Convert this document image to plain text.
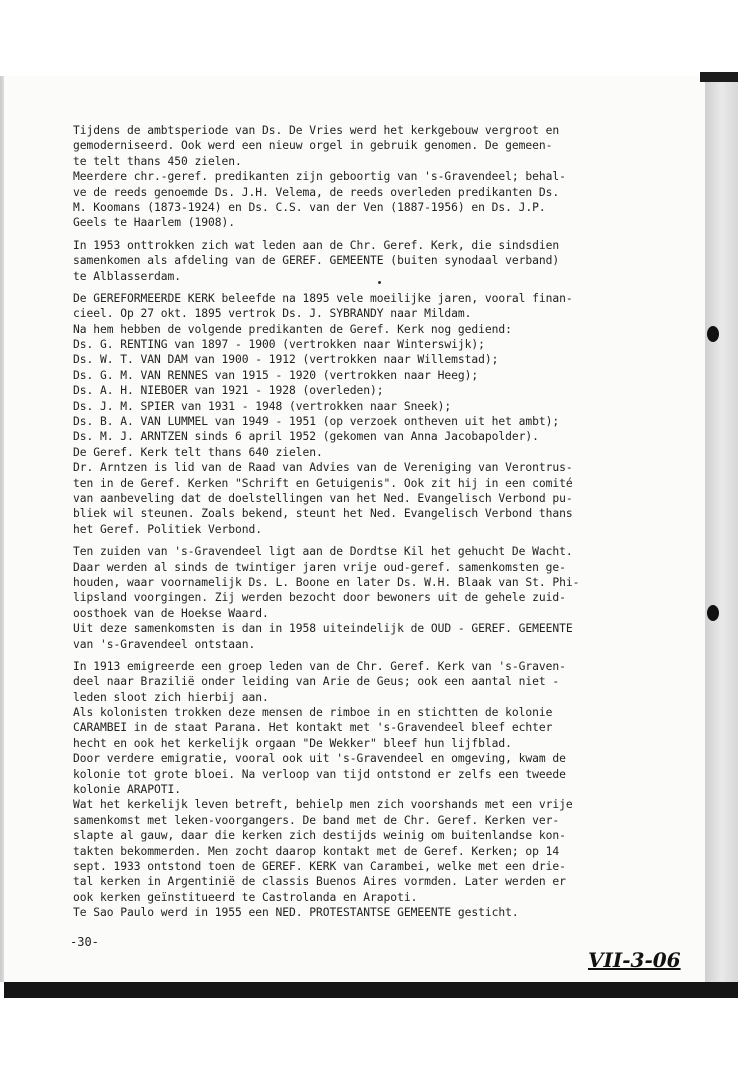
Tijdens de ambtsperiode van Ds. De Vries werd het kerkgebouw vergroot en
gemoderniseerd. Ook werd een nieuw orgel in gebruik genomen. De gemeen-
te telt thans 450 zielen.
Meerdere chr.-geref. predikanten zijn geboortig van 's-Gravendeel; behal-
ve de reeds genoemde Ds. J.H. Velema, de reeds overleden predikanten Ds.
M. Koomans (1873-1924) en Ds. C.S. van der Ven (1887-1956) en Ds. J.P.
Geels te Haarlem (1908).
In 1953 onttrokken zich wat leden aan de Chr. Geref. Kerk, die sindsdien
samenkomen als afdeling van de GEREF. GEMEENTE (buiten synodaal verband)
te Alblasserdam.
De GEREFORMEERDE KERK beleefde na 1895 vele moeilijke jaren, vooral finan-
cieel. Op 27 okt. 1895 vertrok Ds. J. SYBRANDY naar Mildam.
Na hem hebben de volgende predikanten de Geref. Kerk nog gediend:
Ds. G. RENTING van 1897 - 1900 (vertrokken naar Winterswijk);
Ds. W. T. VAN DAM van 1900 - 1912 (vertrokken naar Willemstad);
Ds. G. M. VAN RENNES van 1915 - 1920 (vertrokken naar Heeg);
Ds. A. H. NIEBOER van 1921 - 1928 (overleden);
Ds. J. M. SPIER van 1931 - 1948 (vertrokken naar Sneek);
Ds. B. A. VAN LUMMEL van 1949 - 1951 (op verzoek ontheven uit het ambt);
Ds. M. J. ARNTZEN sinds 6 april 1952 (gekomen van Anna Jacobapolder).
De Geref. Kerk telt thans 640 zielen.
Dr. Arntzen is lid van de Raad van Advies van de Vereniging van Verontrus-
ten in de Geref. Kerken "Schrift en Getuigenis". Ook zit hij in een comité
van aanbeveling dat de doelstellingen van het Ned. Evangelisch Verbond pu-
bliek wil steunen. Zoals bekend, steunt het Ned. Evangelisch Verbond thans
het Geref. Politiek Verbond.
Ten zuiden van 's-Gravendeel ligt aan de Dordtse Kil het gehucht De Wacht.
Daar werden al sinds de twintiger jaren vrije oud-geref. samenkomsten ge-
houden, waar voornamelijk Ds. L. Boone en later Ds. W.H. Blaak van St. Phi-
lipsland voorgingen. Zij werden bezocht door bewoners uit de gehele zuid-
oosthoek van de Hoekse Waard.
Uit deze samenkomsten is dan in 1958 uiteindelijk de OUD - GEREF. GEMEENTE
van 's-Gravendeel ontstaan.
In 1913 emigreerde een groep leden van de Chr. Geref. Kerk van 's-Graven-
deel naar Brazilië onder leiding van Arie de Geus; ook een aantal niet -
leden sloot zich hierbij aan.
Als kolonisten trokken deze mensen de rimboe in en stichtten de kolonie
CARAMBEI in de staat Parana. Het kontakt met 's-Gravendeel bleef echter
hecht en ook het kerkelijk orgaan "De Wekker" bleef hun lijfblad.
Door verdere emigratie, vooral ook uit 's-Gravendeel en omgeving, kwam de
kolonie tot grote bloei. Na verloop van tijd ontstond er zelfs een tweede
kolonie ARAPOTI.
Wat het kerkelijk leven betreft, behielp men zich voorshands met een vrije
samenkomst met leken-voorgangers. De band met de Chr. Geref. Kerken ver-
slapte al gauw, daar die kerken zich destijds weinig om buitenlandse kon-
takten bekommerden. Men zocht daarop kontakt met de Geref. Kerken; op 14
sept. 1933 ontstond toen de GEREF. KERK van Carambei, welke met een drie-
tal kerken in Argentinië de classis Buenos Aires vormden. Later werden er
ook kerken geïnstitueerd te Castrolanda en Arapoti.
Te Sao Paulo werd in 1955 een NED. PROTESTANTSE GEMEENTE gesticht.
-30-
VII-3-06
